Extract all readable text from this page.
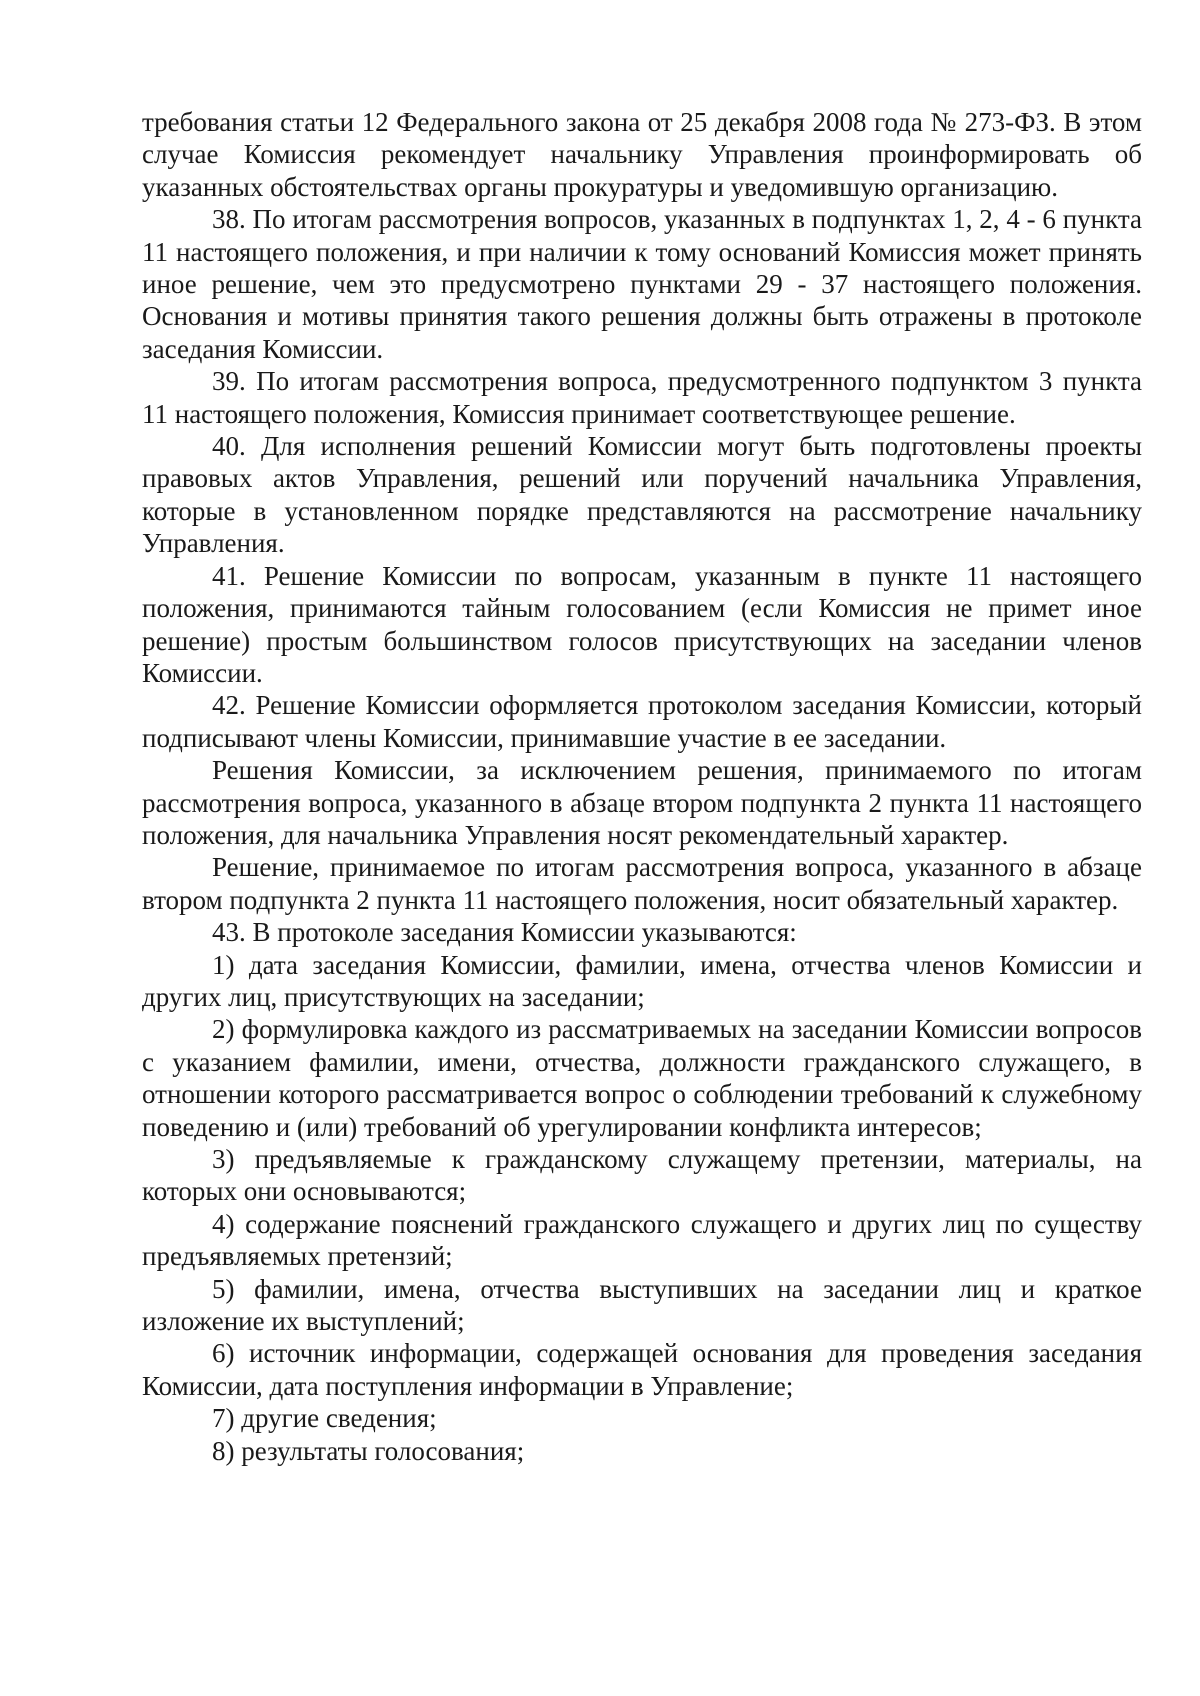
требования статьи 12 Федерального закона от 25 декабря 2008 года № 273-ФЗ. В этом случае Комиссия рекомендует начальнику Управления проинформировать об указанных обстоятельствах органы прокуратуры и уведомившую организацию.

38. По итогам рассмотрения вопросов, указанных в подпунктах 1, 2, 4 - 6 пункта 11 настоящего положения, и при наличии к тому оснований Комиссия может принять иное решение, чем это предусмотрено пунктами 29 - 37 настоящего положения. Основания и мотивы принятия такого решения должны быть отражены в протоколе заседания Комиссии.

39. По итогам рассмотрения вопроса, предусмотренного подпунктом 3 пункта 11 настоящего положения, Комиссия принимает соответствующее решение.

40. Для исполнения решений Комиссии могут быть подготовлены проекты правовых актов Управления, решений или поручений начальника Управления, которые в установленном порядке представляются на рассмотрение начальнику Управления.

41. Решение Комиссии по вопросам, указанным в пункте 11 настоящего положения, принимаются тайным голосованием (если Комиссия не примет иное решение) простым большинством голосов присутствующих на заседании членов Комиссии.

42. Решение Комиссии оформляется протоколом заседания Комиссии, который подписывают члены Комиссии, принимавшие участие в ее заседании.

Решения Комиссии, за исключением решения, принимаемого по итогам рассмотрения вопроса, указанного в абзаце втором подпункта 2 пункта 11 настоящего положения, для начальника Управления носят рекомендательный характер.

Решение, принимаемое по итогам рассмотрения вопроса, указанного в абзаце втором подпункта 2 пункта 11 настоящего положения, носит обязательный характер.

43. В протоколе заседания Комиссии указываются:

1) дата заседания Комиссии, фамилии, имена, отчества членов Комиссии и других лиц, присутствующих на заседании;

2) формулировка каждого из рассматриваемых на заседании Комиссии вопросов с указанием фамилии, имени, отчества, должности гражданского служащего, в отношении которого рассматривается вопрос о соблюдении требований к служебному поведению и (или) требований об урегулировании конфликта интересов;

3) предъявляемые к гражданскому служащему претензии, материалы, на которых они основываются;

4) содержание пояснений гражданского служащего и других лиц по существу предъявляемых претензий;

5) фамилии, имена, отчества выступивших на заседании лиц и краткое изложение их выступлений;

6) источник информации, содержащей основания для проведения заседания Комиссии, дата поступления информации в Управление;

7) другие сведения;

8) результаты голосования;
